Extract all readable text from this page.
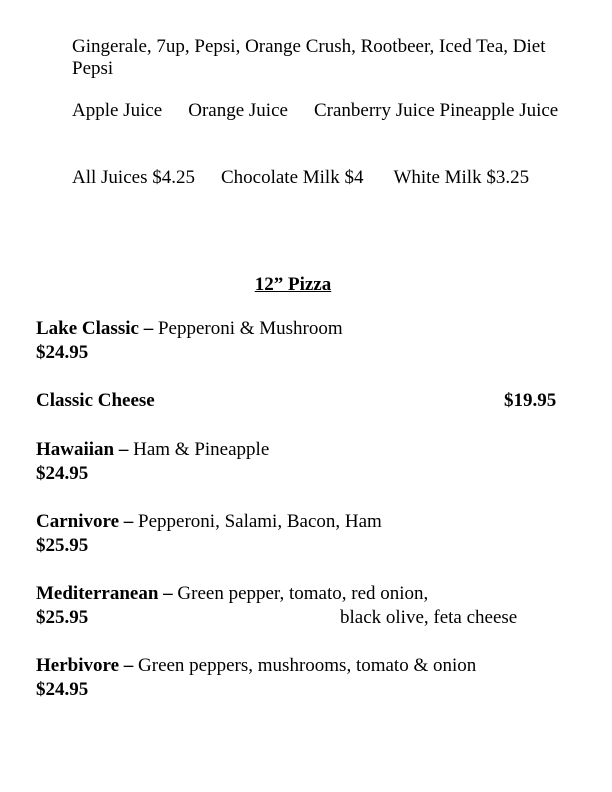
Gingerale, 7up, Pepsi, Orange Crush, Rootbeer, Iced Tea, Diet Pepsi

Apple Juice Orange Juice Cranberry Juice Pineapple Juice

All Juices $4.25 Chocolate Milk $4 White Milk $3.25

12” Pizza
Lake Classic – Pepperoni & Mushroom
$24.95
Classic Cheese	$19.95
Hawaiian – Ham & Pineapple
$24.95
Carnivore – Pepperoni, Salami, Bacon, Ham
$25.95
Mediterranean – Green pepper, tomato, red onion,
$25.95	black olive, feta cheese
Herbivore – Green peppers, mushrooms, tomato & onion
$24.95
